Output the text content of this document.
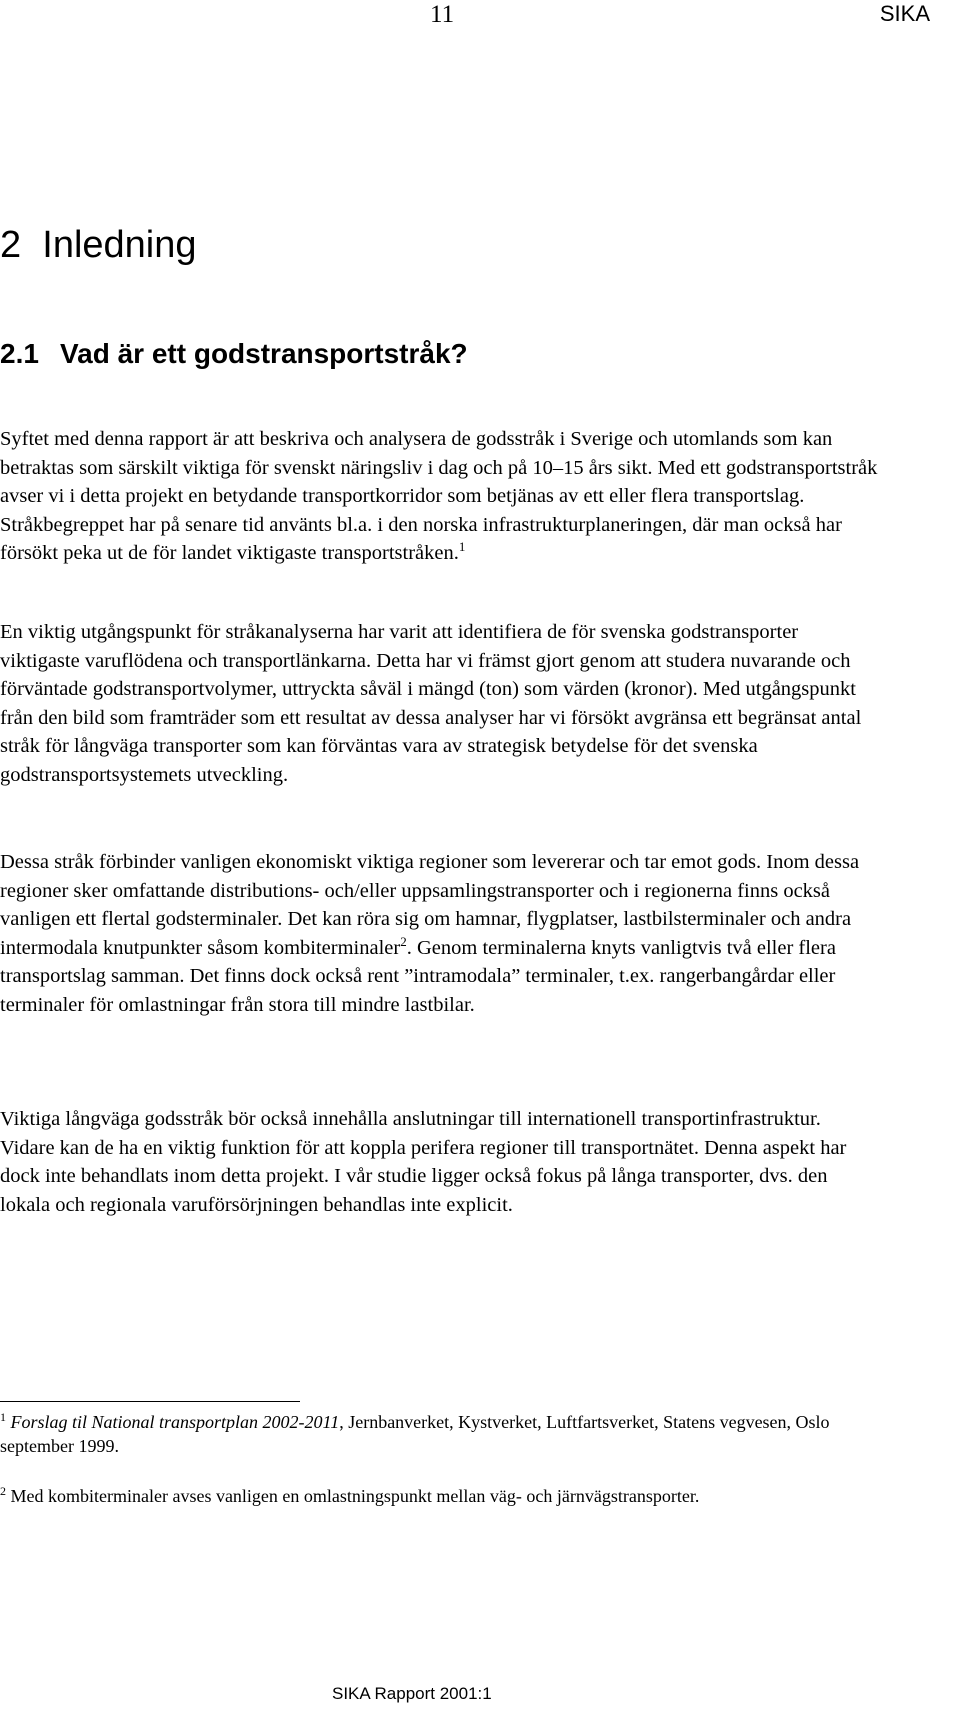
11	SIKA
2 Inledning
2.1 Vad är ett godstransportstråk?

Syftet med denna rapport är att beskriva och analysera de godsstråk i Sverige och utomlands som kan betraktas som särskilt viktiga för svenskt näringsliv i dag och på 10–15 års sikt. Med ett godstransportstråk avser vi i detta projekt en betydande transportkorridor som betjänas av ett eller flera transportslag. Stråkbegreppet har på senare tid använts bl.a. i den norska infrastrukturplaneringen, där man också har försökt peka ut de för landet viktigaste transportstråken.$^1$

En viktig utgångspunkt för stråkanalyserna har varit att identifiera de för svenska godstransporter viktigaste varuflödena och transportlänkarna. Detta har vi främst gjort genom att studera nuvarande och förväntade godstransportvolymer, uttryckta såväl i mängd (ton) som värden (kronor). Med utgångspunkt från den bild som framträder som ett resultat av dessa analyser har vi försökt avgränsa ett begränsat antal stråk för långväga transporter som kan förväntas vara av strategisk betydelse för det svenska godstransportsystemets utveckling.

Dessa stråk förbinder vanligen ekonomiskt viktiga regioner som levererar och tar emot gods. Inom dessa regioner sker omfattande distributions- och/eller uppsamlingstransporter och i regionerna finns också vanligen ett flertal godsterminaler. Det kan röra sig om hamnar, flygplatser, lastbilsterminaler och andra intermodala knutpunkter såsom kombiterminaler$^2$. Genom terminalerna knyts vanligtvis två eller flera transportslag samman. Det finns dock också rent ”intramodala” terminaler, t.ex. rangerbangårdar eller terminaler för omlastningar från stora till mindre lastbilar.

Viktiga långväga godsstråk bör också innehålla anslutningar till internationell transportinfrastruktur. Vidare kan de ha en viktig funktion för att koppla perifera regioner till transportnätet. Denna aspekt har dock inte behandlats inom detta projekt. I vår studie ligger också fokus på långa transporter, dvs. den lokala och regionala varuförsörjningen behandlas inte explicit.

$^1$ Forslag til National transportplan 2002-2011, Jernbanverket, Kystverket, Luftfartsverket, Statens vegvesen, Oslo september 1999.
$^2$ Med kombiterminaler avses vanligen en omlastningspunkt mellan väg- och järnvägstransporter.
SIKA Rapport 2001:1
